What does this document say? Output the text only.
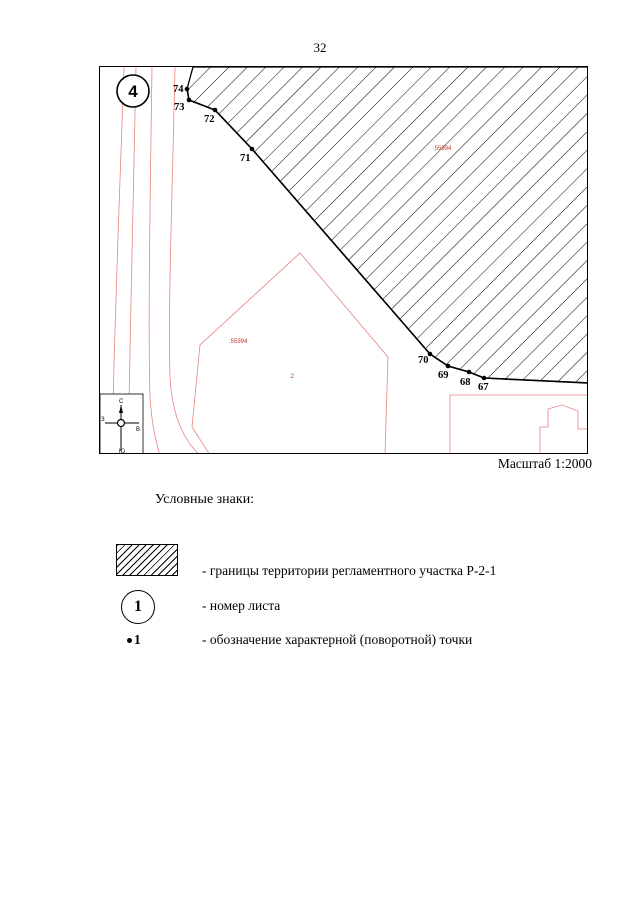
32
74
73
72
71
70
69
68 67
:55994
:55994
:2
4
С
Ю
З
В
Масштаб 1:2000
Условные знаки:
- границы территории регламентного участка Р-2-1
1	- номер листа
1	- обозначение характерной (поворотной) точки
